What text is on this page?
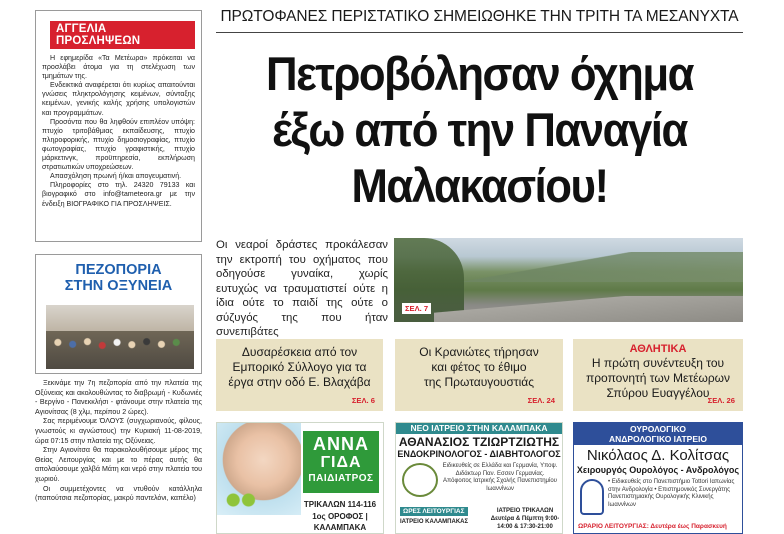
ΑΓΓΕΛΙΑ ΠΡΟΣΛΗΨΕΩΝ

Η εφημερίδα «Τα Μετέωρα» πρόκειται να προσλάβει άτομα για τη στελέχωση των τμημάτων της.

Ενδεικτικά αναφέρεται ότι κυρίως απαιτούνται γνώσεις πληκτρολόγησης κειμένων, σύνταξης κειμένων, γενικής καλής χρήσης υπολογιστών και προγραμμάτων.

Προσόντα που θα ληφθούν επιπλέον υπόψη: πτυχίο τριτοβάθμιας εκπαίδευσης, πτυχίο πληροφορικής, πτυχίο δημοσιογραφίας, πτυχίο φωτογραφίας, πτυχίο γραφιστικής, πτυχίο μάρκετινγκ, προϋπηρεσία, εκπλήρωση στρατιωτικών υποχρεώσεων.

Απασχόληση πρωινή ή/και απογευματινή.

Πληροφορίες στο τηλ. 24320 79133 και βιογραφικό στο info@tameteora.gr με την ένδειξη ΒΙΟΓΡΑΦΙΚΟ ΓΙΑ ΠΡΟΣΛΗΨΕΙΣ.

ΠΕΖΟΠΟΡΙΑ
ΣΤΗΝ ΟΞΥΝΕΙΑ

Ξεκινάμε την 7η πεζοπορία από την πλατεία της Οξύνειας και ακολουθώντας το διαβρωμή - Κυδωνιές - Βεργίνο - Πανεκκλήσι - φτάνουμε στην πλατεία της Αγιονίτσας (8 χλμ, περίπου 2 ώρες).

Σας περιμένουμε ΌΛΟΥΣ (συγχωριανούς, φίλους, γνωστούς κι αγνώστους) την Κυριακή 11-08-2019, ώρα 07:15 στην πλατεία της Οξύνειας.

Στην Αγιονίτσα θα παρακολουθήσουμε μέρος της Θείας Λειτουργίας και με το πέρας αυτής θα απολαύσουμε χαλβά Μάτη και νερό στην πλατεία του χωριού.

Οι συμμετέχοντες να ντυθούν κατάλληλα (παπούτσια πεζοπορίας, μακρύ παντελόνι, καπέλο)

ΠΡΩΤΟΦΑΝΕΣ ΠΕΡΙΣΤΑΤΙΚΟ ΣΗΜΕΙΩΘΗΚΕ ΤΗΝ ΤΡΙΤΗ ΤΑ ΜΕΣΑΝΥΧΤΑ
Πετροβόλησαν όχημα
έξω από την Παναγία
Μαλακασίου!
Οι νεαροί δράστες προκάλεσαν την εκτροπή του οχήματος που οδηγούσε γυναίκα, χωρίς ευτυχώς να τραυματιστεί ούτε η ίδια ούτε το παιδί της ούτε ο σύζυγός της που ήταν συνεπιβάτες
ΣΕΛ. 7
Δυσαρέσκεια από τον
Εμπορικό Σύλλογο για τα
έργα στην οδό Ε. Βλαχάβα
ΣΕΛ. 6
Οι Κρανιώτες τήρησαν
και φέτος το έθιμο
της Πρωταυγουστιάς
ΣΕΛ. 24
ΑΘΛΗΤΙΚΑ
Η πρώτη συνέντευξη του
προπονητή των Μετέωρων
Σπύρου Ευαγγέλου
ΣΕΛ. 26
ΑΝΝΑ
ΓΙΔΑ
ΠΑΙΔΙΑΤΡΟΣ
ΤΡΙΚΑΛΩΝ 114-116
1ος ΟΡΟΦΟΣ | ΚΑΛΑΜΠΑΚΑ
ΝΕΟ ΙΑΤΡΕΙΟ ΣΤΗΝ ΚΑΛΑΜΠΑΚΑ
ΑΘΑΝΑΣΙΟΣ ΤΖΙΩΡΤΖΙΩΤΗΣ
ΕΝΔΟΚΡΙΝΟΛΟΓΟΣ - ΔΙΑΒΗΤΟΛΟΓΟΣ
Ειδικευθείς σε Ελλάδα και Γερμανία, Υποψ. Διδάκτωρ Παν. Εσσεν Γερμανίας. Απόφοιτος Ιατρικής Σχολής Πανεπιστημίου Ιωαννίνων
ΩΡΕΣ ΛΕΙΤΟΥΡΓΙΑΣ
ΙΑΤΡΕΙΟ ΚΑΛΑΜΠΑΚΑΣ
ΙΑΤΡΕΙΟ ΤΡΙΚΑΛΩΝ Δευτέρα & Πέμπτη 9:00-14:00 & 17:30-21:00
ΟΥΡΟΛΟΓΙΚΟ
ΑΝΔΡΟΛΟΓΙΚΟ ΙΑΤΡΕΙΟ
Νικόλαος Δ. Κολίτσας
Χειρουργός Ουρολόγος - Ανδρολόγος
• Ειδικευθείς στο Πανεπιστήμιο Tottori Ιαπωνίας στην Ανδρολογία • Επιστημονικός Συνεργάτης Πανεπιστημιακής Ουρολογικής Κλινικής Ιωαννίνων
ΩΡΑΡΙΟ ΛΕΙΤΟΥΡΓΙΑΣ: Δευτέρα έως Παρασκευή
